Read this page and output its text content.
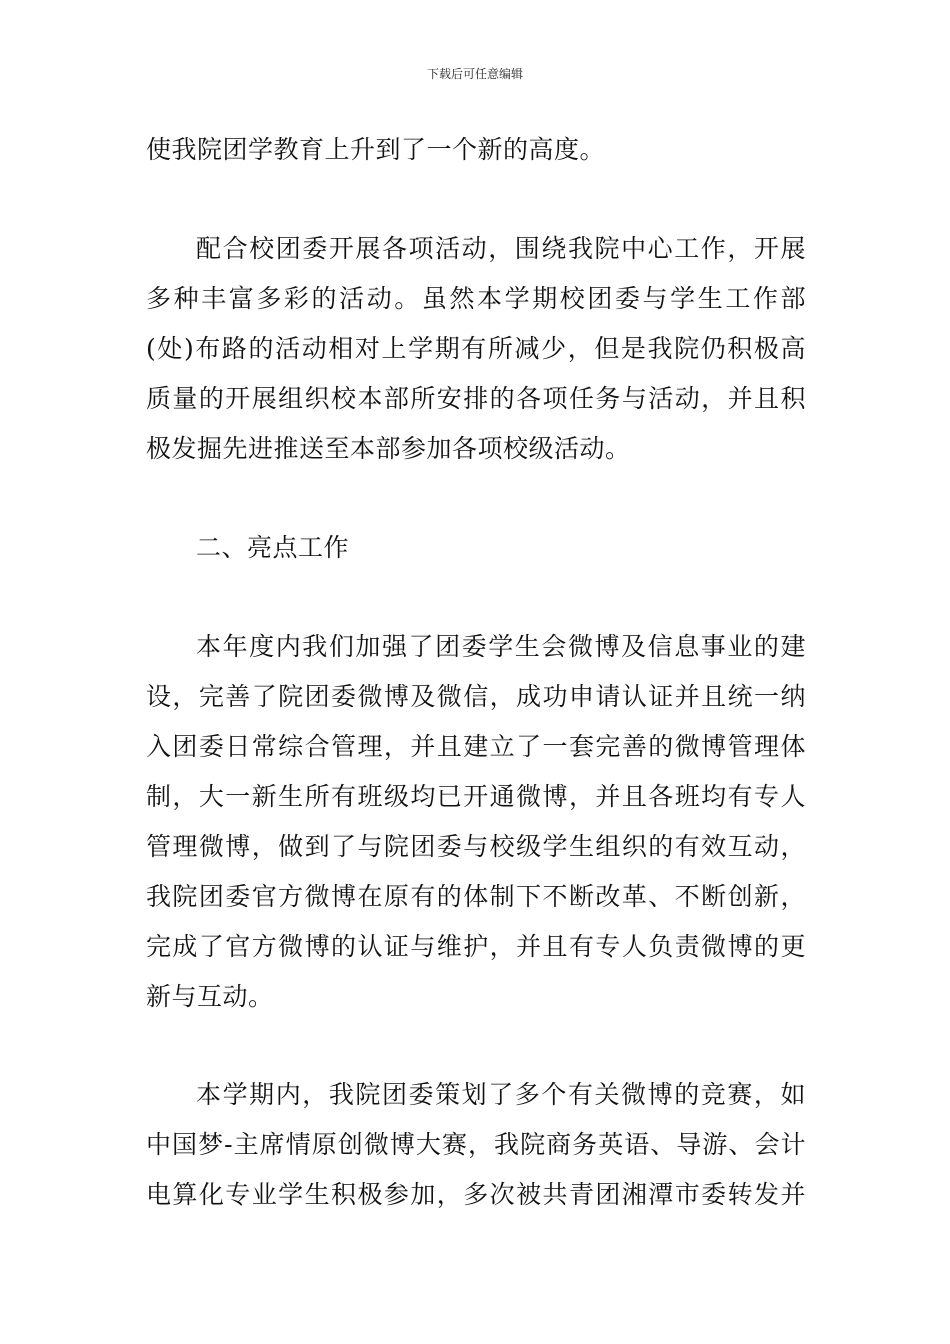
下载后可任意编辑
使我院团学教育上升到了一个新的高度。
配合校团委开展各项活动，围绕我院中心工作，开展
多种丰富多彩的活动。虽然本学期校团委与学生工作部
(处)布路的活动相对上学期有所减少，但是我院仍积极高
质量的开展组织校本部所安排的各项任务与活动，并且积
极发掘先进推送至本部参加各项校级活动。
二、亮点工作
本年度内我们加强了团委学生会微博及信息事业的建
设，完善了院团委微博及微信，成功申请认证并且统一纳
入团委日常综合管理，并且建立了一套完善的微博管理体
制，大一新生所有班级均已开通微博，并且各班均有专人
管理微博，做到了与院团委与校级学生组织的有效互动，
我院团委官方微博在原有的体制下不断改革、不断创新，
完成了官方微博的认证与维护，并且有专人负责微博的更
新与互动。
本学期内，我院团委策划了多个有关微博的竞赛，如
中国梦-主席情原创微博大赛，我院商务英语、导游、会计
电算化专业学生积极参加，多次被共青团湘潭市委转发并
